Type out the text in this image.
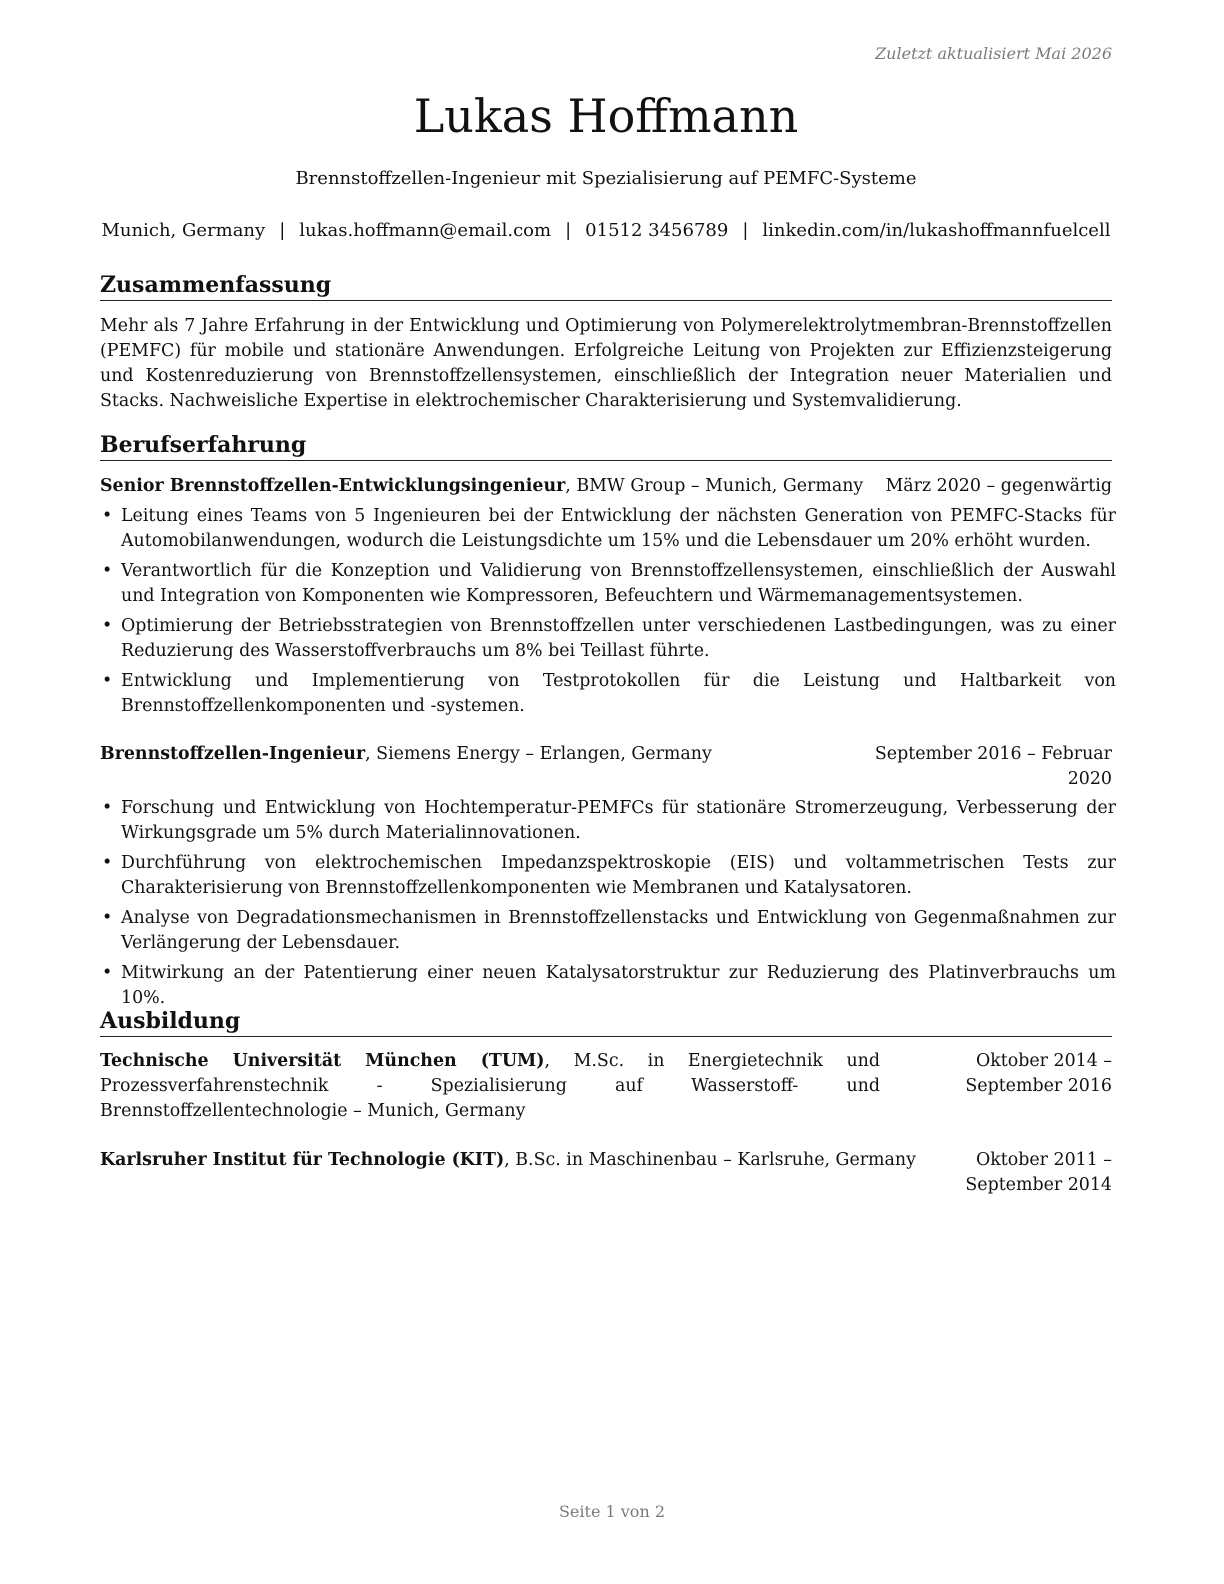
Zuletzt aktualisiert Mai 2026
Lukas Hoffmann
Brennstoffzellen-Ingenieur mit Spezialisierung auf PEMFC-Systeme
Munich, Germany | lukas.hoffmann@email.com | 01512 3456789 | linkedin.com/in/lukashoffmannfuelcell
Zusammenfassung
Mehr als 7 Jahre Erfahrung in der Entwicklung und Optimierung von Polymerelektrolytmembran-Brennstoffzellen (PEMFC) für mobile und stationäre Anwendungen. Erfolgreiche Leitung von Projekten zur Effizienzsteigerung und Kostenreduzierung von Brennstoffzellensystemen, einschließlich der Integration neuer Materialien und Stacks. Nachweisliche Expertise in elektrochemischer Charakterisierung und Systemvalidierung.
Berufserfahrung
Senior Brennstoffzellen-Entwicklungsingenieur, BMW Group – Munich, Germany März 2020 – gegenwärtig
• Leitung eines Teams von 5 Ingenieuren bei der Entwicklung der nächsten Generation von PEMFC-Stacks für Automobilanwendungen, wodurch die Leistungsdichte um 15% und die Lebensdauer um 20% erhöht wurden.
• Verantwortlich für die Konzeption und Validierung von Brennstoffzellensystemen, einschließlich der Auswahl und Integration von Komponenten wie Kompressoren, Befeuchtern und Wärmemanagementsystemen.
• Optimierung der Betriebsstrategien von Brennstoffzellen unter verschiedenen Lastbedingungen, was zu einer Reduzierung des Wasserstoffverbrauchs um 8% bei Teillast führte.
• Entwicklung und Implementierung von Testprotokollen für die Leistung und Haltbarkeit von Brennstoffzellenkomponenten und -systemen.
Brennstoffzellen-Ingenieur, Siemens Energy – Erlangen, Germany	September 2016 – Februar 2020
• Forschung und Entwicklung von Hochtemperatur-PEMFCs für stationäre Stromerzeugung, Verbesserung der Wirkungsgrade um 5% durch Materialinnovationen.
• Durchführung von elektrochemischen Impedanzspektroskopie (EIS) und voltammetrischen Tests zur Charakterisierung von Brennstoffzellenkomponenten wie Membranen und Katalysatoren.
• Analyse von Degradationsmechanismen in Brennstoffzellenstacks und Entwicklung von Gegenmaßnahmen zur Verlängerung der Lebensdauer.
• Mitwirkung an der Patentierung einer neuen Katalysatorstruktur zur Reduzierung des Platinverbrauchs um 10%.
Ausbildung
Technische Universität München (TUM), M.Sc. in Energietechnik und Prozessverfahrenstechnik - Spezialisierung auf Wasserstoff- und Brennstoffzellentechnologie – Munich, Germany
Oktober 2014 – September 2016
Karlsruher Institut für Technologie (KIT), B.Sc. in Maschinenbau – Karlsruhe, Germany	Oktober 2011 – September 2014
Seite 1 von 2
